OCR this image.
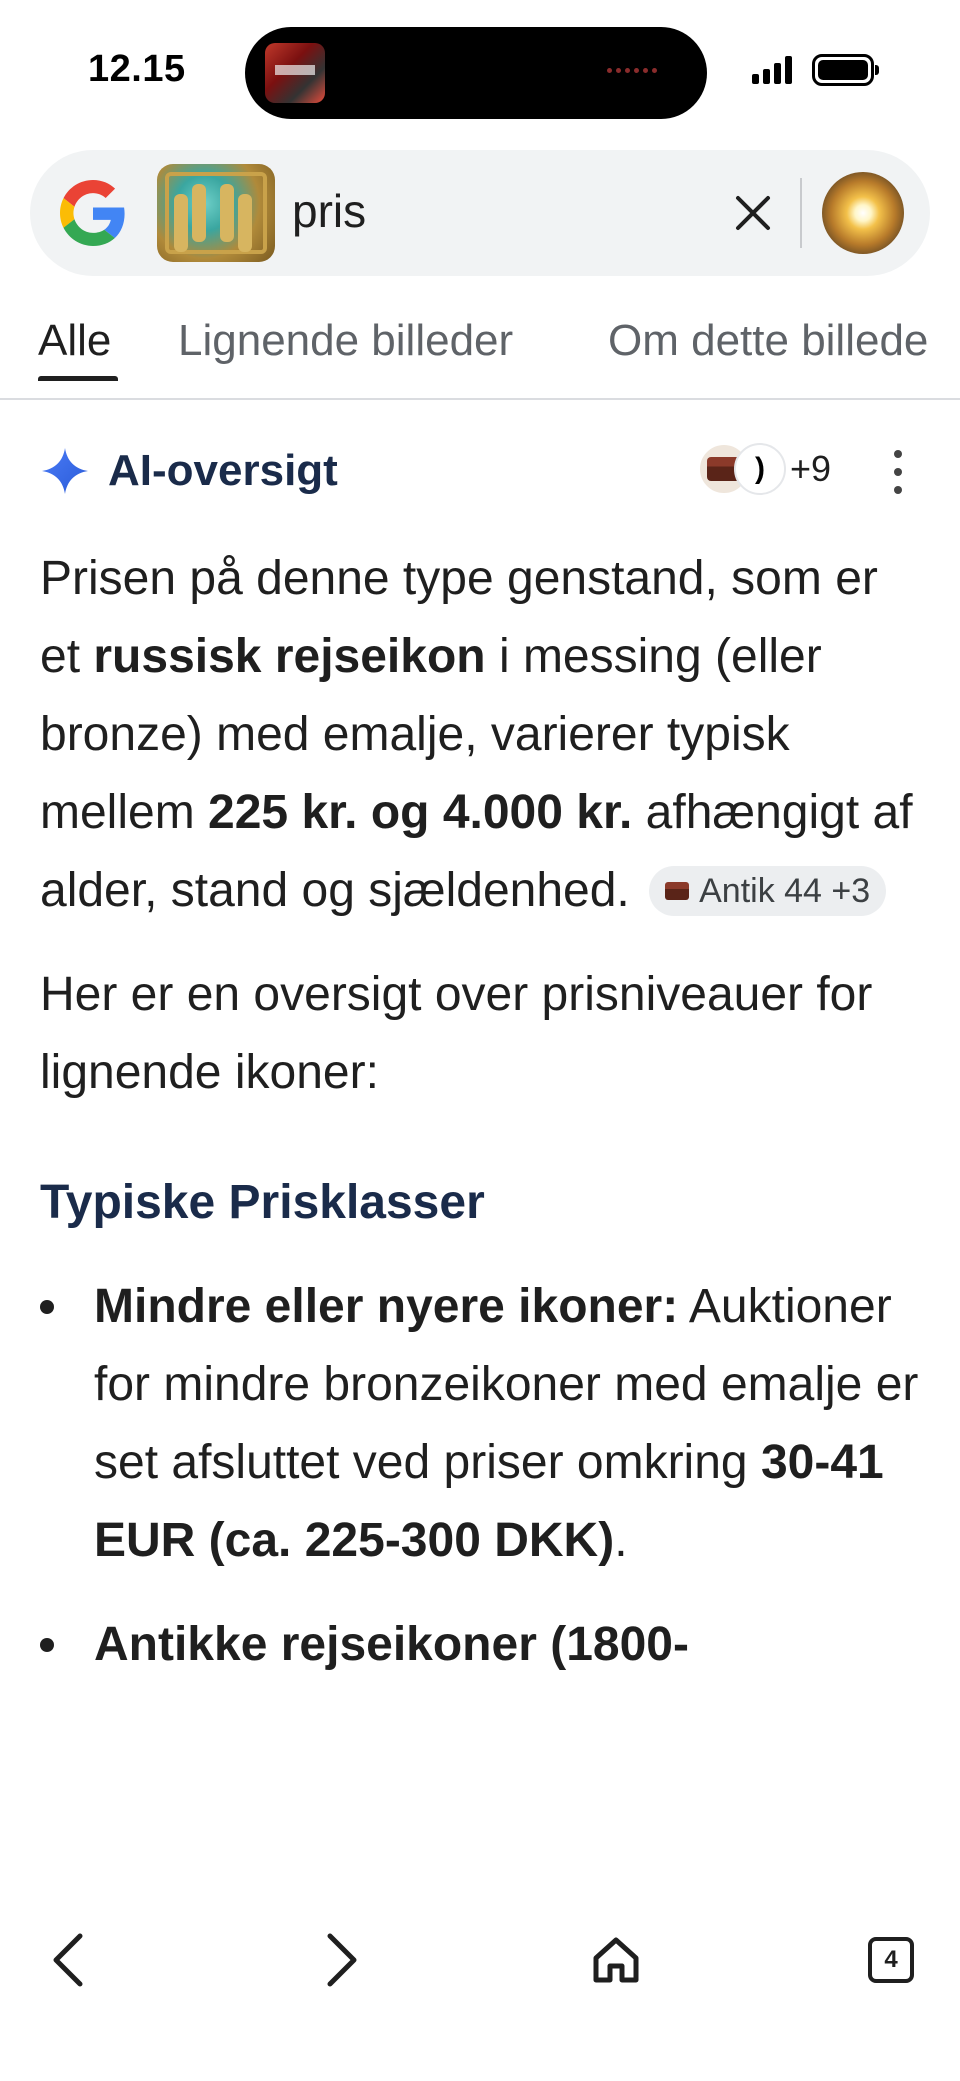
12.15
pris
Alle Lignende billeder Om dette billede
AI-oversigt	) +9

Prisen på denne type genstand, som er et russisk rejseikon i messing (eller bronze) med emalje, varierer typisk mellem 225 kr. og 4.000 kr. afhængigt af alder, stand og sjældenhed. Antik 44 +3

Her er en oversigt over prisniveauer for lignende ikoner:

Typiske Prisklasser
Mindre eller nyere ikoner: Auktioner for mindre bronzeikoner med emalje er set afsluttet ved priser omkring 30-41 EUR (ca. 225-300 DKK).
Antikke rejseikoner (1800-
4
